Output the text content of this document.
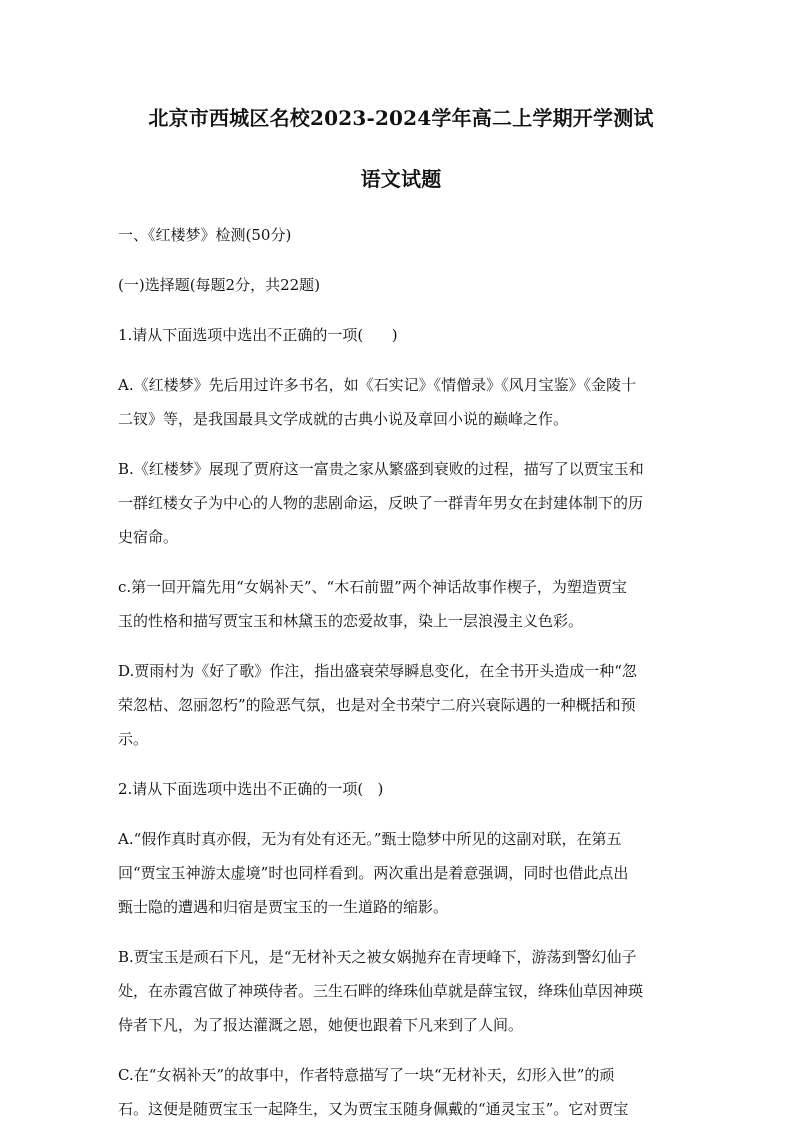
北京市西城区名校2023-2024学年高二上学期开学测试
语文试题
一、《红楼梦》检测(50分)
(一)选择题(每题2分，共22题)
1.请从下面选项中选出不正确的一项(      )
A.《红楼梦》先后用过许多书名，如《石实记》《情僧录》《风月宝鉴》《金陵十
二钗》等，是我国最具文学成就的古典小说及章回小说的巅峰之作。
B.《红楼梦》展现了贾府这一富贵之家从繁盛到衰败的过程，描写了以贾宝玉和
一群红楼女子为中心的人物的悲剧命运，反映了一群青年男女在封建体制下的历
史宿命。
c.第一回开篇先用“女娲补天”、“木石前盟”两个神话故事作楔子，为塑造贾宝
玉的性格和描写贾宝玉和林黛玉的恋爱故事，染上一层浪漫主义色彩。
D.贾雨村为《好了歌》作注，指出盛衰荣辱瞬息变化，在全书开头造成一种“忽
荣忽枯、忽丽忽朽”的险恶气氛，也是对全书荣宁二府兴衰际遇的一种概括和预
示。
2.请从下面选项中选出不正确的一项(   )
A.“假作真时真亦假，无为有处有还无。”甄士隐梦中所见的这副对联，在第五
回“贾宝玉神游太虚境”时也同样看到。两次重出是着意强调，同时也借此点出
甄士隐的遭遇和归宿是贾宝玉的一生道路的缩影。
B.贾宝玉是顽石下凡，是“无材补天之被女娲抛弃在青埂峰下，游荡到警幻仙子
处，在赤霞宫做了神瑛侍者。三生石畔的绛珠仙草就是薛宝钗，绛珠仙草因神瑛
侍者下凡，为了报达灌溉之恩，她便也跟着下凡来到了人间。
C.在“女祸补天”的故事中，作者特意描写了一块“无材补天，幻形入世”的顽
石。这便是随贾宝玉一起降生，又为贾宝玉随身佩戴的“通灵宝玉”。它对贾宝
